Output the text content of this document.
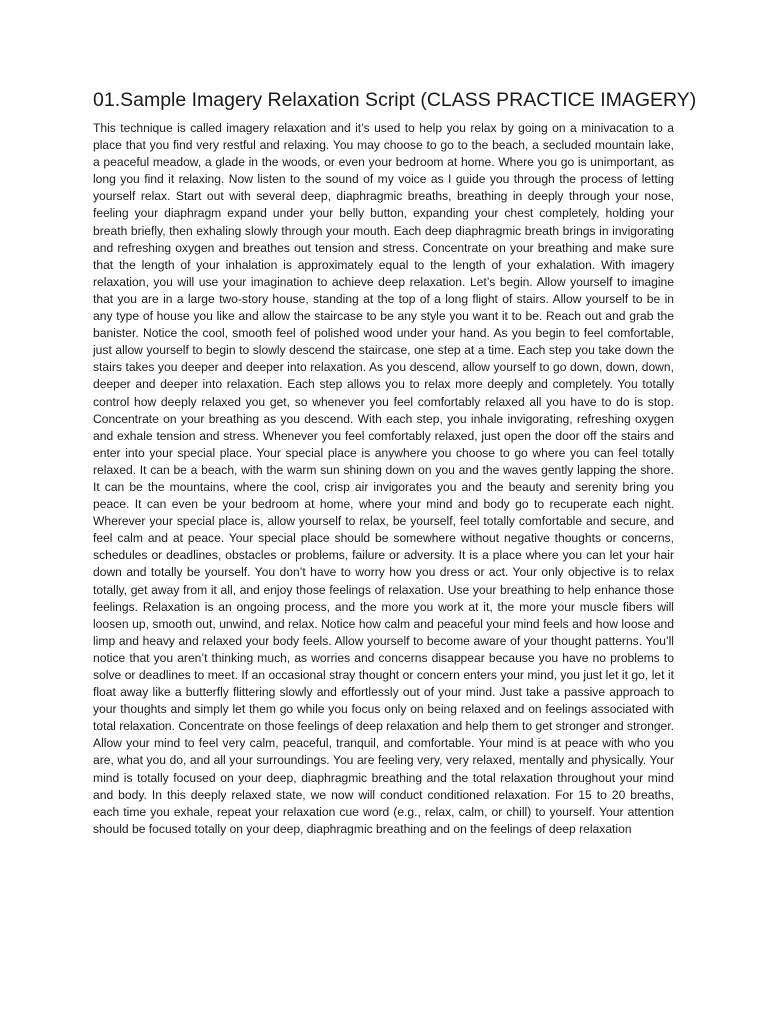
01.Sample Imagery Relaxation Script (CLASS PRACTICE IMAGERY)

This technique is called imagery relaxation and it’s used to help you relax by going on a minivacation to a place that you find very restful and relaxing. You may choose to go to the beach, a secluded mountain lake, a peaceful meadow, a glade in the woods, or even your bedroom at home. Where you go is unimportant, as long you find it relaxing. Now listen to the sound of my voice as I guide you through the process of letting yourself relax. Start out with several deep, diaphragmic breaths, breathing in deeply through your nose, feeling your diaphragm expand under your belly button, expanding your chest completely, holding your breath briefly, then exhaling slowly through your mouth. Each deep diaphragmic breath brings in invigorating and refreshing oxygen and breathes out tension and stress. Concentrate on your breathing and make sure that the length of your inhalation is approximately equal to the length of your exhalation. With imagery relaxation, you will use your imagination to achieve deep relaxation. Let’s begin. Allow yourself to imagine that you are in a large two-story house, standing at the top of a long flight of stairs. Allow yourself to be in any type of house you like and allow the staircase to be any style you want it to be. Reach out and grab the banister. Notice the cool, smooth feel of polished wood under your hand. As you begin to feel comfortable, just allow yourself to begin to slowly descend the staircase, one step at a time. Each step you take down the stairs takes you deeper and deeper into relaxation. As you descend, allow yourself to go down, down, down, deeper and deeper into relaxation. Each step allows you to relax more deeply and completely. You totally control how deeply relaxed you get, so whenever you feel comfortably relaxed all you have to do is stop. Concentrate on your breathing as you descend. With each step, you inhale invigorating, refreshing oxygen and exhale tension and stress. Whenever you feel comfortably relaxed, just open the door off the stairs and enter into your special place. Your special place is anywhere you choose to go where you can feel totally relaxed. It can be a beach, with the warm sun shining down on you and the waves gently lapping the shore. It can be the mountains, where the cool, crisp air invigorates you and the beauty and serenity bring you peace. It can even be your bedroom at home, where your mind and body go to recuperate each night. Wherever your special place is, allow yourself to relax, be yourself, feel totally comfortable and secure, and feel calm and at peace. Your special place should be somewhere without negative thoughts or concerns, schedules or deadlines, obstacles or problems, failure or adversity. It is a place where you can let your hair down and totally be yourself. You don’t have to worry how you dress or act. Your only objective is to relax totally, get away from it all, and enjoy those feelings of relaxation. Use your breathing to help enhance those feelings. Relaxation is an ongoing process, and the more you work at it, the more your muscle fibers will loosen up, smooth out, unwind, and relax. Notice how calm and peaceful your mind feels and how loose and limp and heavy and relaxed your body feels. Allow yourself to become aware of your thought patterns. You’ll notice that you aren’t thinking much, as worries and concerns disappear because you have no problems to solve or deadlines to meet. If an occasional stray thought or concern enters your mind, you just let it go, let it float away like a butterfly flittering slowly and effortlessly out of your mind. Just take a passive approach to your thoughts and simply let them go while you focus only on being relaxed and on feelings associated with total relaxation. Concentrate on those feelings of deep relaxation and help them to get stronger and stronger. Allow your mind to feel very calm, peaceful, tranquil, and comfortable. Your mind is at peace with who you are, what you do, and all your surroundings. You are feeling very, very relaxed, mentally and physically. Your mind is totally focused on your deep, diaphragmic breathing and the total relaxation throughout your mind and body. In this deeply relaxed state, we now will conduct conditioned relaxation. For 15 to 20 breaths, each time you exhale, repeat your relaxation cue word (e.g., relax, calm, or chill) to yourself. Your attention should be focused totally on your deep, diaphragmic breathing and on the feelings of deep relaxation
